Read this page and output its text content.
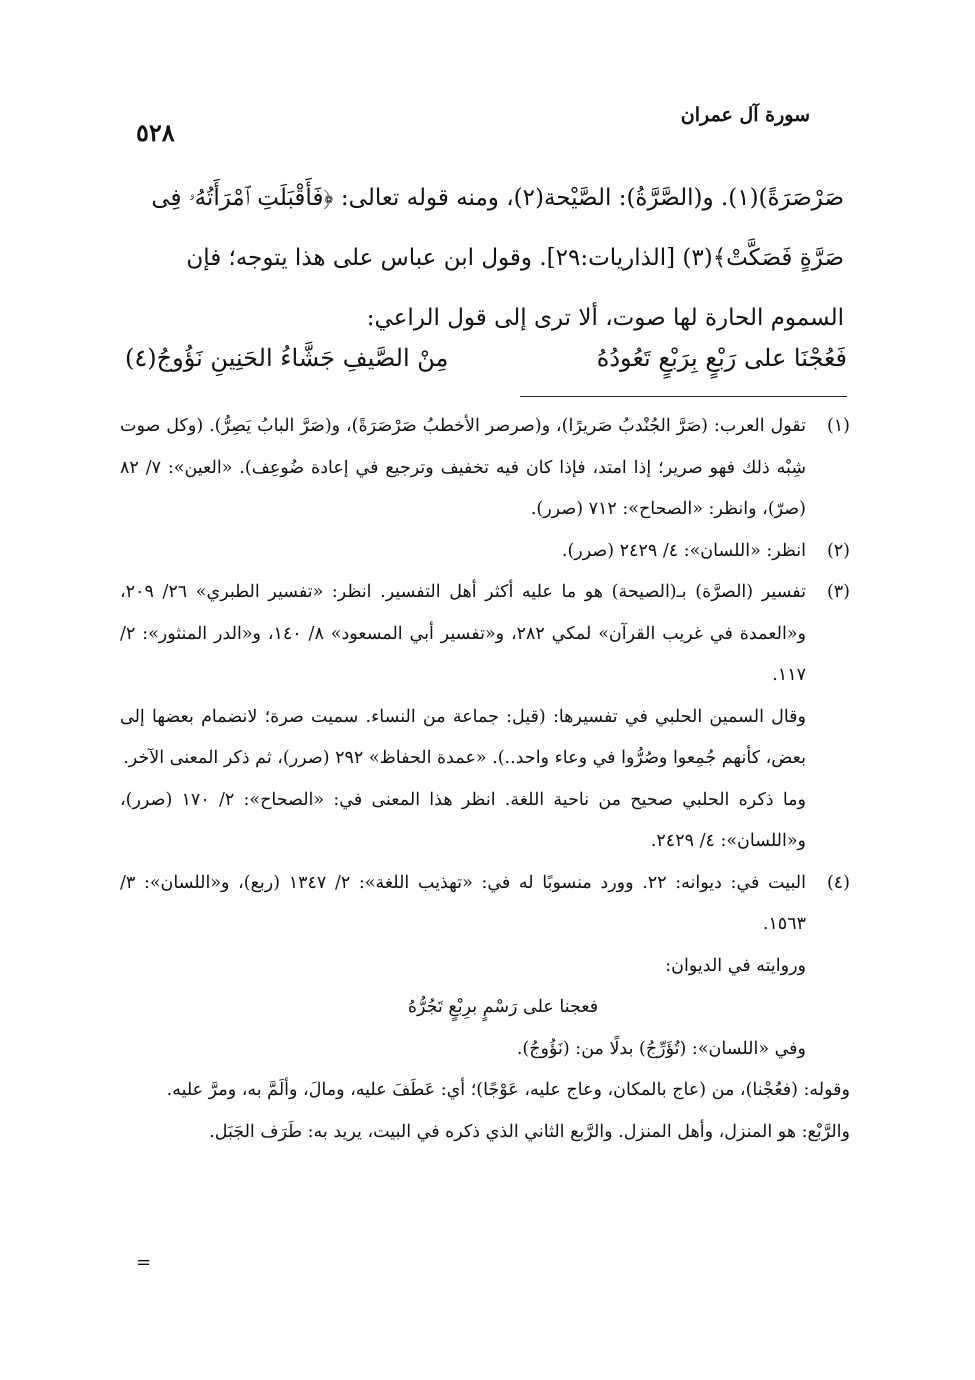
سورة آل عمران
٥٢٨

صَرْصَرَةً)(١). و(الصَّرَّةُ): الصَّيْحة(٢)، ومنه قوله تعالى: ﴿فَأَقْبَلَتِ ٱمْرَأَتُهُۥ فِى

صَرَّةٍ فَصَكَّتْ﴾(٣) [الذاريات:٢٩]. وقول ابن عباس على هذا يتوجه؛ فإن

السموم الحارة لها صوت، ألا ترى إلى قول الراعي:

فَعُجْنَا على رَبْعٍ بِرَبْعٍ تَعُودُهُ
مِنْ الصَّيفِ جَشَّاءُ الحَنِينِ نَؤُوجُ(٤)
(١)

تقول العرب: (صَرَّ الجُنْدبُ صَريرًا)، و(صرصر الأخطبُ صَرْصَرَةً)، و(صَرَّ البابُ يَصِرُّ). (وكل صوت شِبْه ذلك فهو صرير؛ إذا امتد، فإذا كان فيه تخفيف وترجيع في إعادة ضُوعِف). «العين»: ٧/ ٨٢ (صرّ)، وانظر: «الصحاح»: ٧١٢ (صرر).

(٢)

انظر: «اللسان»: ٤/ ٢٤٢٩ (صرر).

(٣)

تفسير (الصرَّة) بـ(الصيحة) هو ما عليه أكثر أهل التفسير. انظر: «تفسير الطبري» ٢٦/ ٢٠٩، و«العمدة في غريب القرآن» لمكي ٢٨٢، و«تفسير أبي المسعود» ٨/ ١٤٠، و«الدر المنثور»: ٢/ ١١٧.

وقال السمين الحلبي في تفسيرها: (قيل: جماعة من النساء. سميت صرة؛ لانضمام بعضها إلى بعض، كأنهم جُمِعوا وصُرُّوا في وعاء واحد..). «عمدة الحفاظ» ٢٩٢ (صرر)، ثم ذكر المعنى الآخر.

وما ذكره الحلبي صحيح من ناحية اللغة. انظر هذا المعنى في: «الصحاح»: ٢/ ١٧٠ (صرر)، و«اللسان»: ٤/ ٢٤٢٩.

(٤)

البيت في: ديوانه: ٢٢. وورد منسوبًا له في: «تهذيب اللغة»: ٢/ ١٣٤٧ (ربع)، و«اللسان»: ٣/ ١٥٦٣.

وروايته في الديوان:

فعجنا على رَسْمٍ برِبْعٍ تَجُرُّهُ

وفي «اللسان»: (تُؤَرِّجُ) بدلًا من: (نَؤُوجُ).

وقوله: (فعُجْنا)، من (عاج بالمكان، وعاج عليه، عَوْجًا)؛ أي: عَطَفَ عليه، ومالَ، وألَمَّ به، ومرَّ عليه.

والرَّبْع: هو المنزل، وأهل المنزل. والرَّبع الثاني الذي ذكره في البيت، يريد به: طَرَف الجَبَل.

=
